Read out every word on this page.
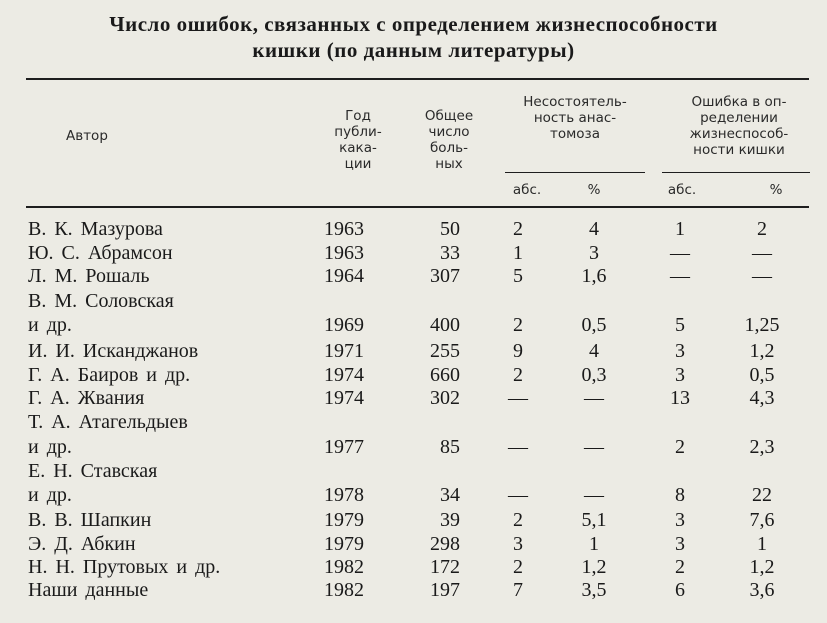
Число ошибок, связанных с определением жизнеспособности
кишки (по данным литературы)
Автор
Год
публи-
кака-
ции
Общее
число
боль-
ных
Несостоятель-
ность анас-
томоза
Ошибка в оп-
ределении
жизнеспособ-
ности кишки
абс.	%	абс.	%
В. К. Мазурова	1963	50	2	4	1	2
Ю. С. Абрамсон	1963	33	1	3	—	—
Л. М. Рошаль	1964	307	5	1,6	—	—
В. М. Соловская
и др.	1969	400	2	0,5	5	1,25
И. И. Исканджанов	1971	255	9	4	3	1,2
Г. А. Баиров и др.	1974	660	2	0,3	3	0,5
Г. А. Жвания	1974	302	—	—	13	4,3
Т. А. Атагельдыев
и др.	1977	85	—	—	2	2,3
Е. Н. Ставская
и др.	1978	34	—	—	8	22
В. В. Шапкин	1979	39	2	5,1	3	7,6
Э. Д. Абкин	1979	298	3	1	3	1
Н. Н. Прутовых и др.	1982	172	2	1,2	2	1,2
Наши данные	1982	197	7	3,5	6	3,6
